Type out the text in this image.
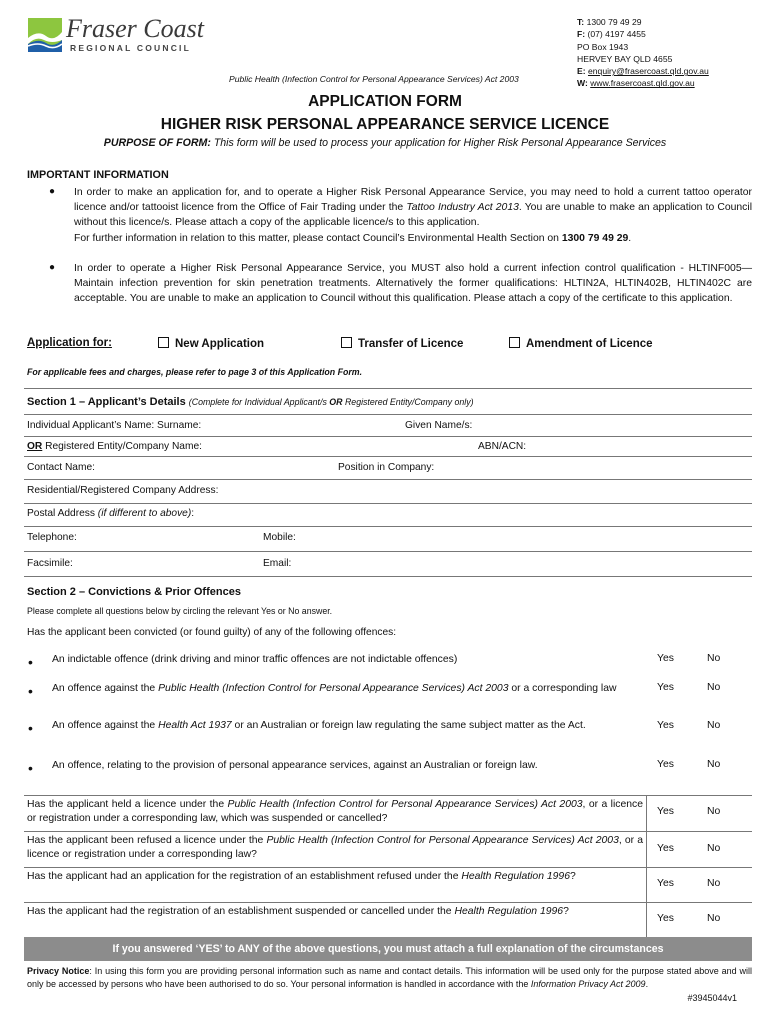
Fraser Coast
REGIONAL COUNCIL
T: 1300 79 49 29
F: (07) 4197 4455
PO Box 1943
HERVEY BAY QLD 4655
E: enquiry@frasercoast.qld.gov.au
W: www.frasercoast.qld.gov.au
Public Health (Infection Control for Personal Appearance Services) Act 2003
APPLICATION FORM
HIGHER RISK PERSONAL APPEARANCE SERVICE LICENCE
PURPOSE OF FORM: This form will be used to process your application for Higher Risk Personal Appearance Services
IMPORTANT INFORMATION
● In order to make an application for, and to operate a Higher Risk Personal Appearance Service, you may need to hold a current tattoo operator licence and/or tattooist licence from the Office of Fair Trading under the Tattoo Industry Act 2013. You are unable to make an application to Council without this licence/s. Please attach a copy of the applicable licence/s to this application.
For further information in relation to this matter, please contact Council’s Environmental Health Section on 1300 79 49 29.
● In order to operate a Higher Risk Personal Appearance Service, you MUST also hold a current infection control qualification - HLTINF005—Maintain infection prevention for skin penetration treatments. Alternatively the former qualifications: HLTIN2A, HLTIN402B, HLTIN402C are acceptable. You are unable to make an application to Council without this qualification. Please attach a copy of the certificate to this application.
Application for:	New Application	Transfer of Licence	Amendment of Licence
For applicable fees and charges, please refer to page 3 of this Application Form.
Section 1 – Applicant’s Details (Complete for Individual Applicant/s OR Registered Entity/Company only)
Individual Applicant’s Name: Surname:	Given Name/s:
OR Registered Entity/Company Name:	ABN/ACN:
Contact Name:	Position in Company:
Residential/Registered Company Address:
Postal Address (if different to above):
Telephone:	Mobile:
Facsimile:	Email:
Section 2 – Convictions & Prior Offences
Please complete all questions below by circling the relevant Yes or No answer.
Has the applicant been convicted (or found guilty) of any of the following offences:
• An indictable offence (drink driving and minor traffic offences are not indictable offences)	Yes	No
• An offence against the Public Health (Infection Control for Personal Appearance Services) Act 2003 or a corresponding law	Yes	No
• An offence against the Health Act 1937 or an Australian or foreign law regulating the same subject matter as the Act.	Yes	No
• An offence, relating to the provision of personal appearance services, against an Australian or foreign law.	Yes	No
Has the applicant held a licence under the Public Health (Infection Control for Personal Appearance Services) Act 2003, or a licence or registration under a corresponding law, which was suspended or cancelled?
Yes	No
Has the applicant been refused a licence under the Public Health (Infection Control for Personal Appearance Services) Act 2003, or a licence or registration under a corresponding law?
Yes	No
Has the applicant had an application for the registration of an establishment refused under the Health Regulation 1996?
Yes	No
Has the applicant had the registration of an establishment suspended or cancelled under the Health Regulation 1996?
Yes	No
If you answered ‘YES’ to ANY of the above questions, you must attach a full explanation of the circumstances
Privacy Notice: In using this form you are providing personal information such as name and contact details. This information will be used only for the purpose stated above and will only be accessed by persons who have been authorised to do so. Your personal information is handled in accordance with the Information Privacy Act 2009.
#3945044v1
